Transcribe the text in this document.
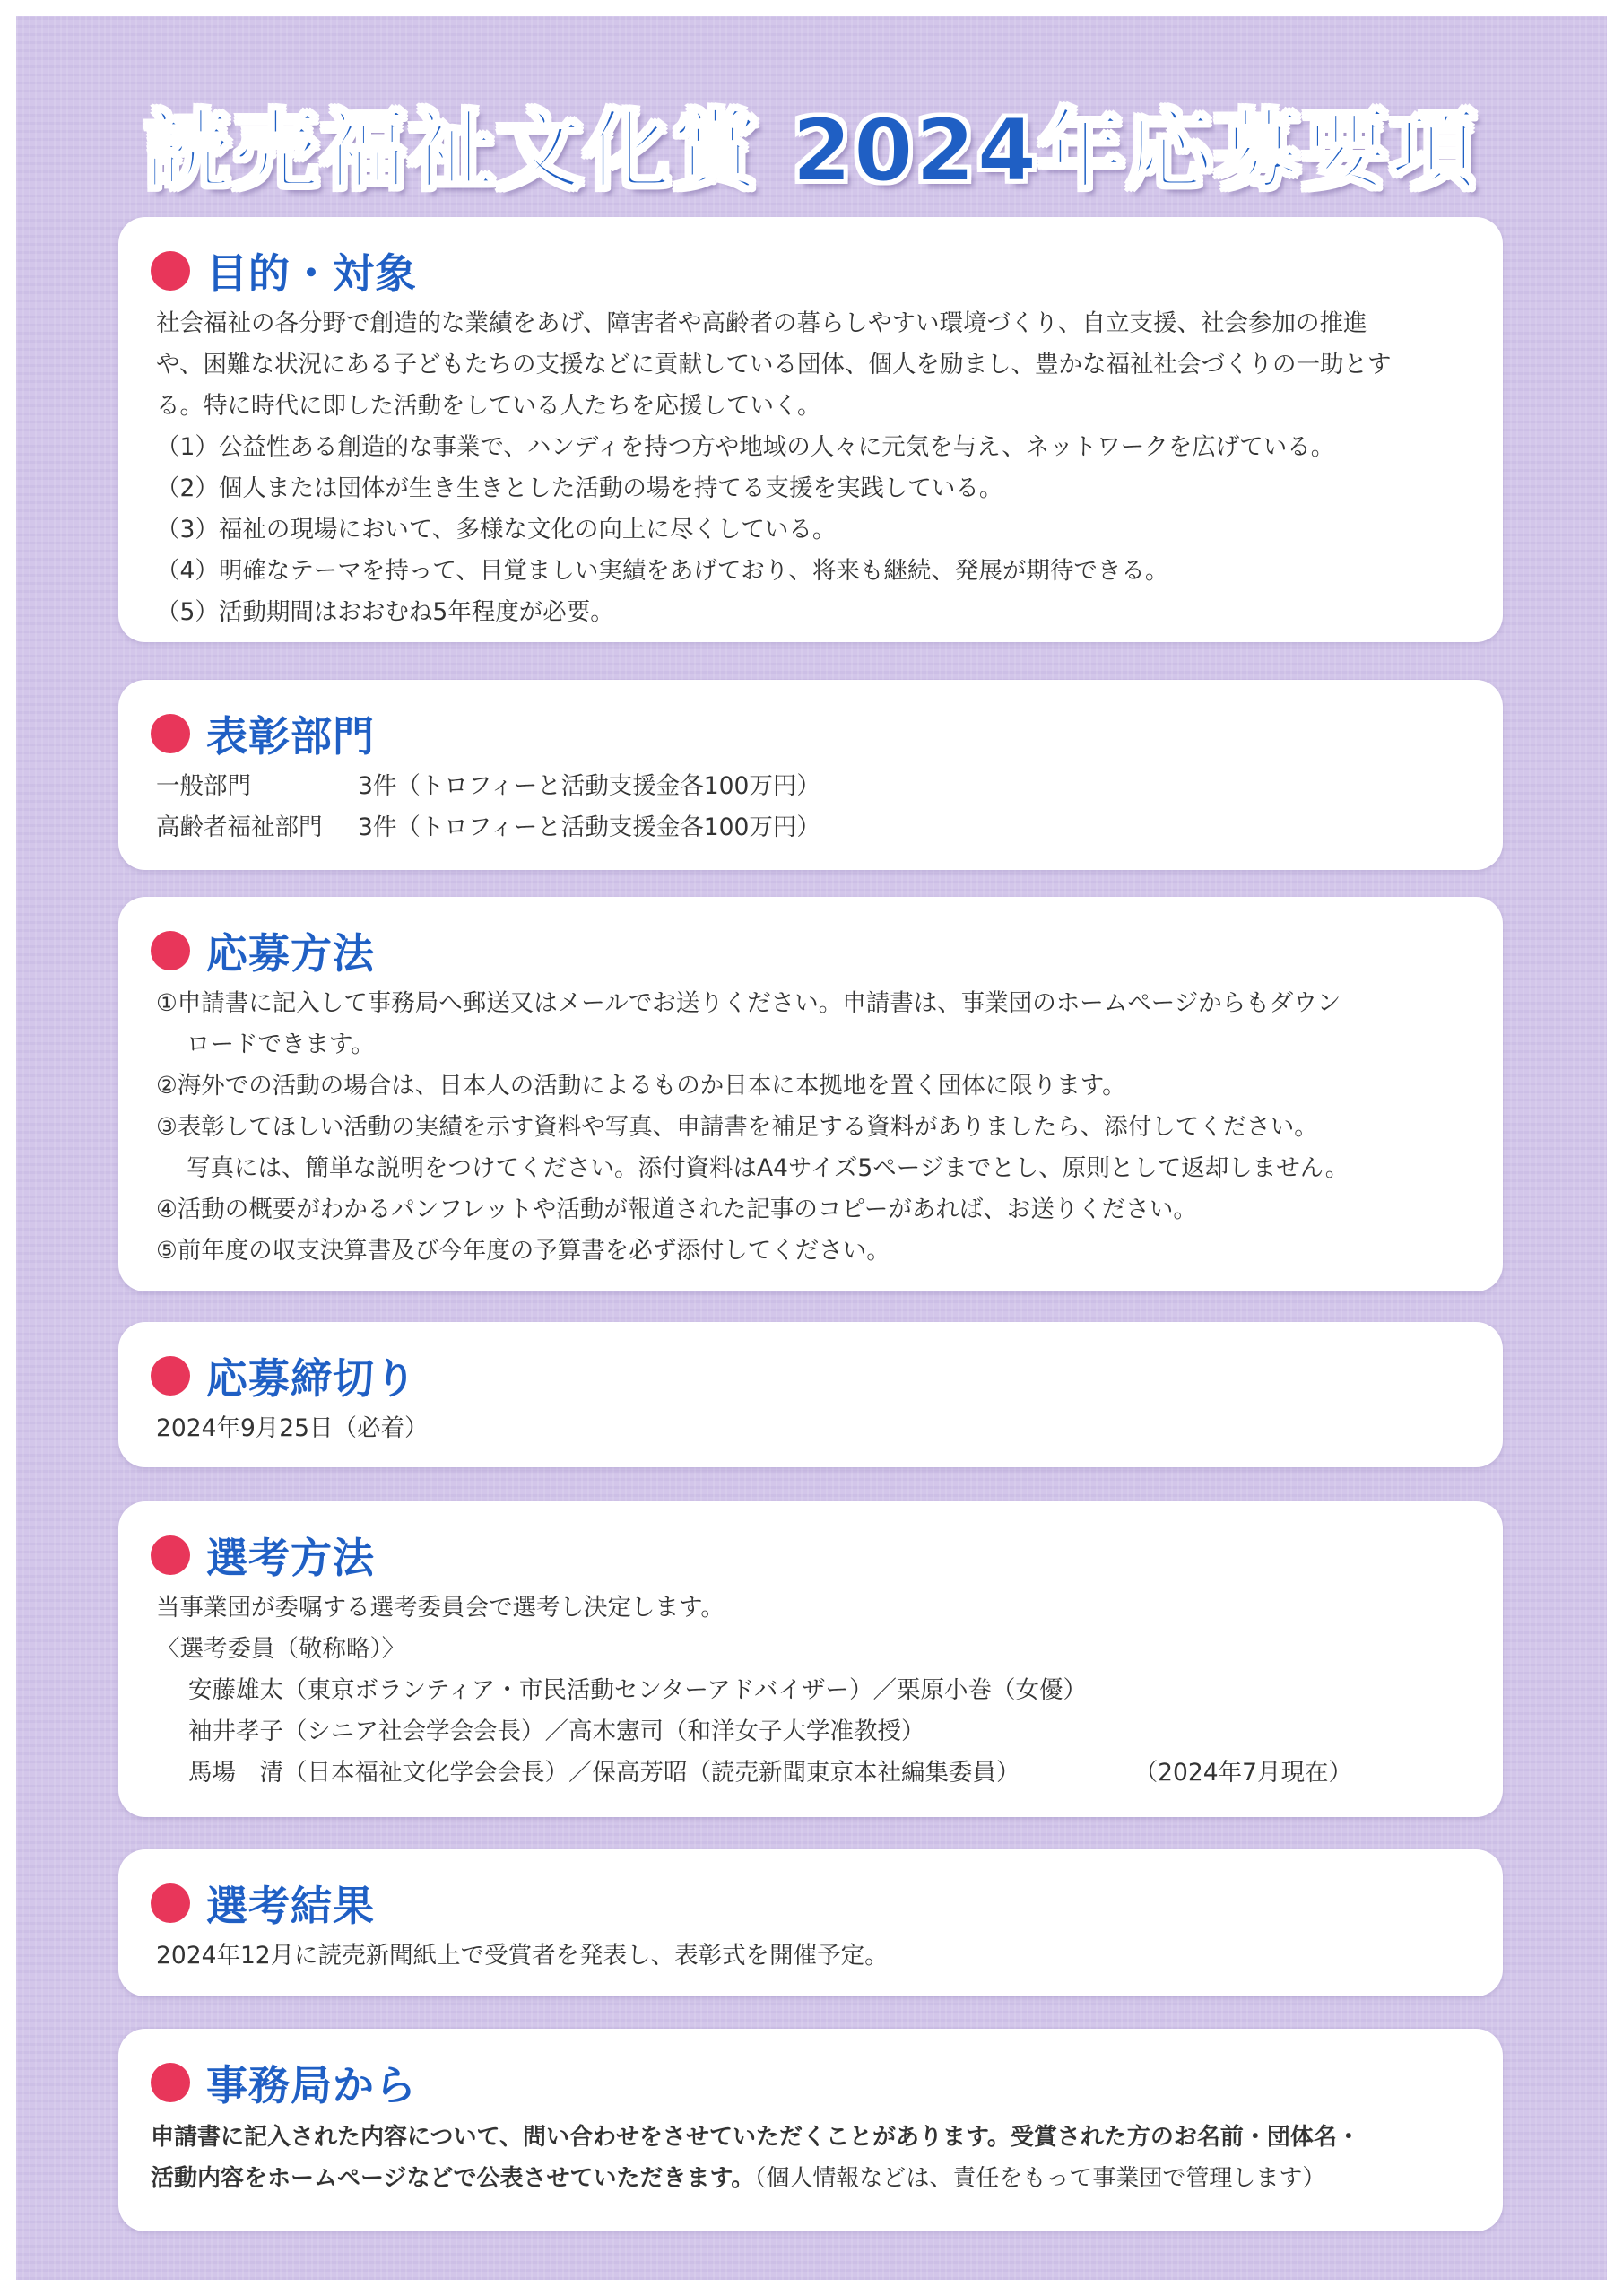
読売福祉文化賞 2024年応募要項
目的・対象
社会福祉の各分野で創造的な業績をあげ、障害者や高齢者の暮らしやすい環境づくり、自立支援、社会参加の推進
や、困難な状況にある子どもたちの支援などに貢献している団体、個人を励まし、豊かな福祉社会づくりの一助とす
る。特に時代に即した活動をしている人たちを応援していく。
（1）公益性ある創造的な事業で、ハンディを持つ方や地域の人々に元気を与え、ネットワークを広げている。
（2）個人または団体が生き生きとした活動の場を持てる支援を実践している。
（3）福祉の現場において、多様な文化の向上に尽くしている。
（4）明確なテーマを持って、目覚ましい実績をあげており、将来も継続、発展が期待できる。
（5）活動期間はおおむね5年程度が必要。
表彰部門
一般部門	3件（トロフィーと活動支援金各100万円）
高齢者福祉部門	3件（トロフィーと活動支援金各100万円）
応募方法
①申請書に記入して事務局へ郵送又はメールでお送りください。申請書は、事業団のホームページからもダウン
ロードできます。
②海外での活動の場合は、日本人の活動によるものか日本に本拠地を置く団体に限ります。
③表彰してほしい活動の実績を示す資料や写真、申請書を補足する資料がありましたら、添付してください。
写真には、簡単な説明をつけてください。添付資料はA4サイズ5ページまでとし、原則として返却しません。
④活動の概要がわかるパンフレットや活動が報道された記事のコピーがあれば、お送りください。
⑤前年度の収支決算書及び今年度の予算書を必ず添付してください。
応募締切り
2024年9月25日（必着）
選考方法
当事業団が委嘱する選考委員会で選考し決定します。
〈選考委員（敬称略）〉
安藤雄太（東京ボランティア・市民活動センターアドバイザー）／栗原小巻（女優）
袖井孝子（シニア社会学会会長）／高木憲司（和洋女子大学准教授）
馬場　清（日本福祉文化学会会長）／保高芳昭（読売新聞東京本社編集委員）	（2024年7月現在）
選考結果
2024年12月に読売新聞紙上で受賞者を発表し、表彰式を開催予定。
事務局から
申請書に記入された内容について、問い合わせをさせていただくことがあります。受賞された方のお名前・団体名・
活動内容をホームページなどで公表させていただきます。（個人情報などは、責任をもって事業団で管理します）
